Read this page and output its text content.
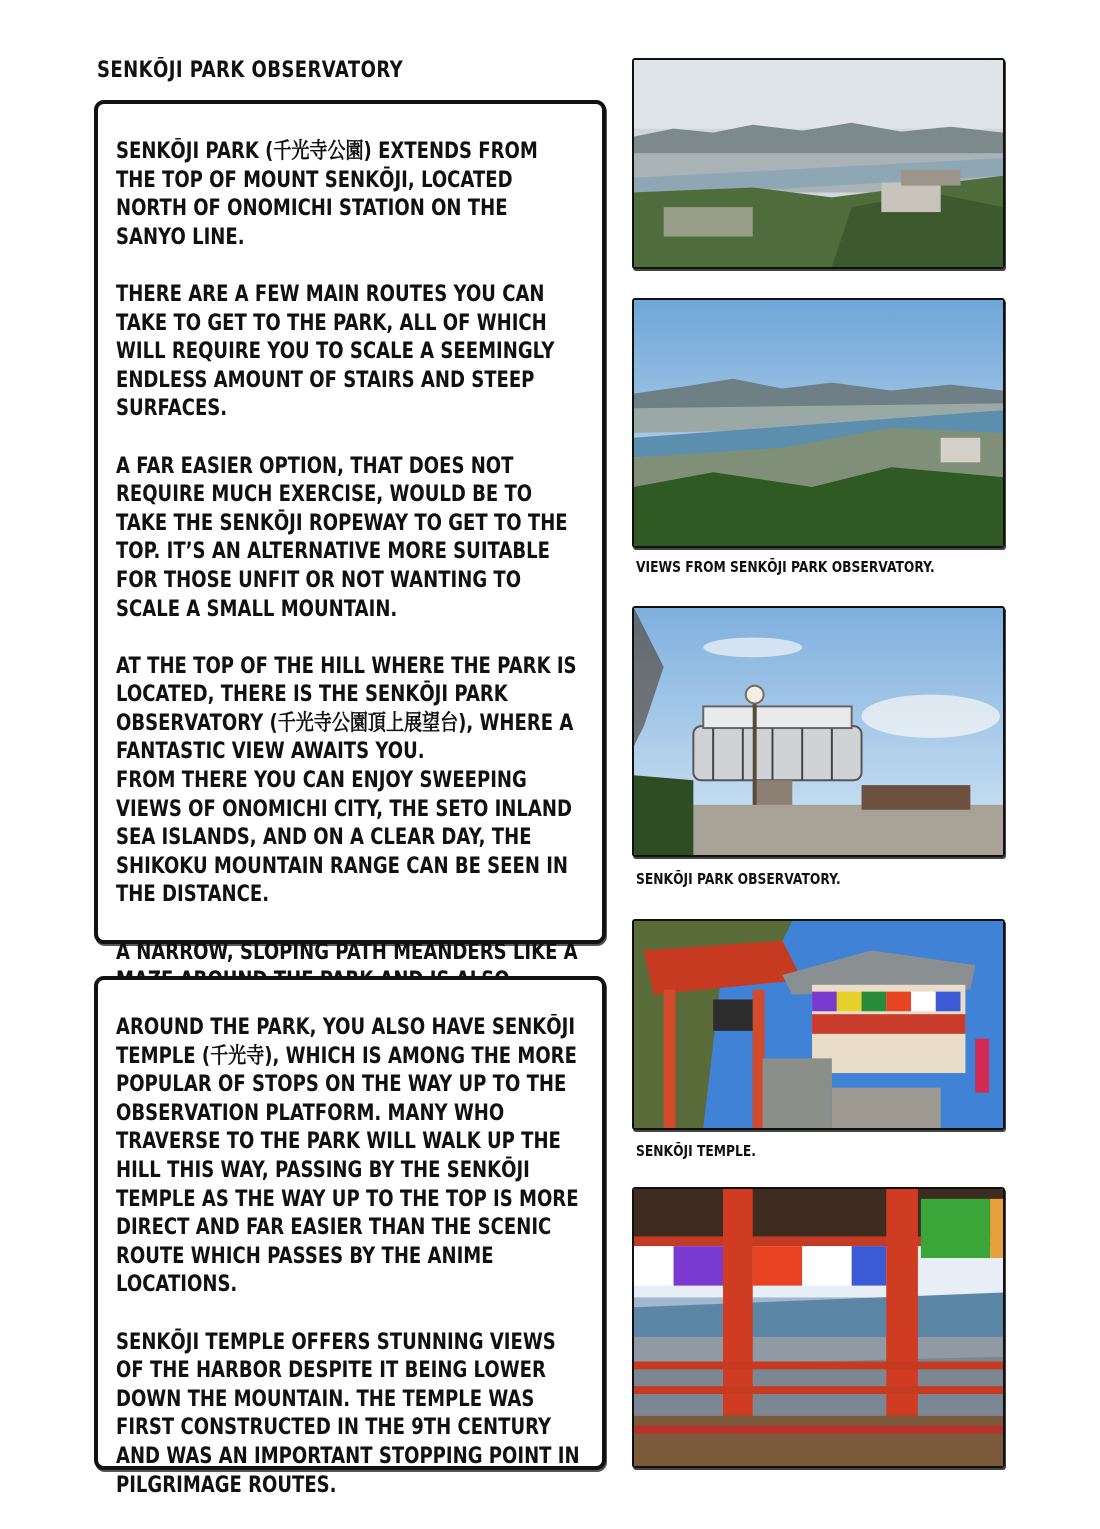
SENKŌJI PARK OBSERVATORY

SENKŌJI PARK (千光寺公園) EXTENDS FROM THE TOP OF MOUNT SENKŌJI, LOCATED NORTH OF ONOMICHI STATION ON THE SANYO LINE.

THERE ARE A FEW MAIN ROUTES YOU CAN TAKE TO GET TO THE PARK, ALL OF WHICH WILL REQUIRE YOU TO SCALE A SEEMINGLY ENDLESS AMOUNT OF STAIRS AND STEEP SURFACES.

A FAR EASIER OPTION, THAT DOES NOT REQUIRE MUCH EXERCISE, WOULD BE TO TAKE THE SENKŌJI ROPEWAY TO GET TO THE TOP. IT’S AN ALTERNATIVE MORE SUITABLE FOR THOSE UNFIT OR NOT WANTING TO SCALE A SMALL MOUNTAIN.

AT THE TOP OF THE HILL WHERE THE PARK IS LOCATED, THERE IS THE SENKŌJI PARK OBSERVATORY (千光寺公園頂上展望台), WHERE A FANTASTIC VIEW AWAITS YOU.

FROM THERE YOU CAN ENJOY SWEEPING VIEWS OF ONOMICHI CITY, THE SETO INLAND SEA ISLANDS, AND ON A CLEAR DAY, THE SHIKOKU MOUNTAIN RANGE CAN BE SEEN IN THE DISTANCE.

A NARROW, SLOPING PATH MEANDERS LIKE A

AROUND THE PARK, YOU ALSO HAVE SENKŌJI TEMPLE (千光寺), WHICH IS AMONG THE MORE POPULAR OF STOPS ON THE WAY UP TO THE OBSERVATION PLATFORM. MANY WHO TRAVERSE TO THE PARK WILL WALK UP THE HILL THIS WAY, PASSING BY THE SENKŌJI TEMPLE AS THE WAY UP TO THE TOP IS MORE DIRECT AND FAR EASIER THAN THE SCENIC ROUTE WHICH PASSES BY THE ANIME LOCATIONS.

SENKŌJI TEMPLE OFFERS STUNNING VIEWS OF THE HARBOR DESPITE IT BEING LOWER DOWN THE MOUNTAIN. THE TEMPLE WAS FIRST CONSTRUCTED IN THE 9TH CENTURY AND WAS AN IMPORTANT STOPPING POINT IN PILGRIMAGE ROUTES.

VIEWS FROM SENKŌJI PARK OBSERVATORY.
SENKŌJI PARK OBSERVATORY.
SENKŌJI TEMPLE.
